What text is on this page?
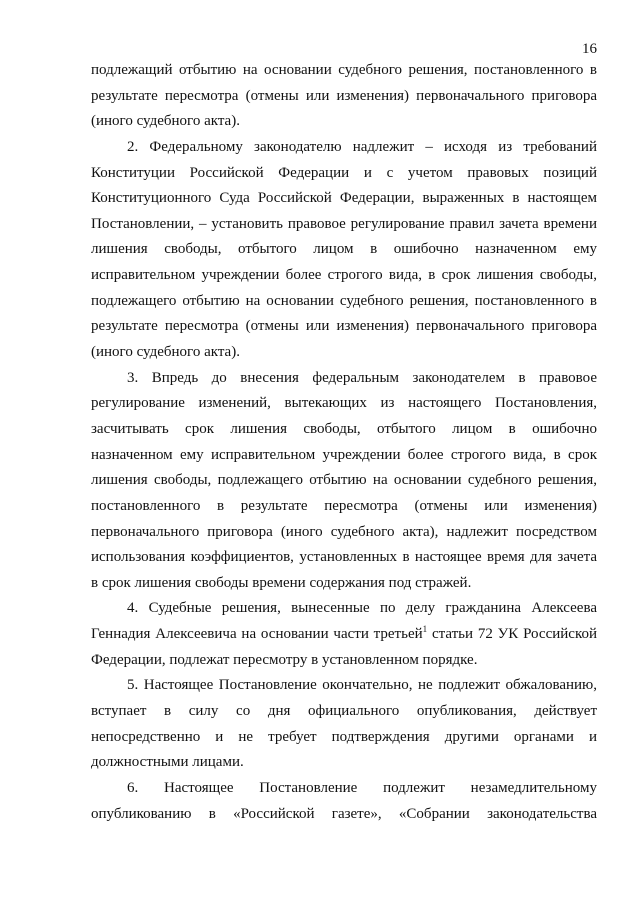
16
подлежащий отбытию на основании судебного решения, постановленного в
результате пересмотра (отмены или изменения) первоначального приговора
(иного судебного акта).
2. Федеральному законодателю надлежит – исходя из требований
Конституции Российской Федерации и с учетом правовых позиций
Конституционного Суда Российской Федерации, выраженных в настоящем
Постановлении, – установить правовое регулирование правил зачета времени
лишения свободы, отбытого лицом в ошибочно назначенном ему
исправительном учреждении более строгого вида, в срок лишения свободы,
подлежащего отбытию на основании судебного решения, постановленного в
результате пересмотра (отмены или изменения) первоначального приговора
(иного судебного акта).
3. Впредь до внесения федеральным законодателем в правовое
регулирование изменений, вытекающих из настоящего Постановления,
засчитывать срок лишения свободы, отбытого лицом в ошибочно
назначенном ему исправительном учреждении более строгого вида, в срок
лишения свободы, подлежащего отбытию на основании судебного решения,
постановленного в результате пересмотра (отмены или изменения)
первоначального приговора (иного судебного акта), надлежит посредством
использования коэффициентов, установленных в настоящее время для зачета
в срок лишения свободы времени содержания под стражей.
4. Судебные решения, вынесенные по делу гражданина Алексеева
Геннадия Алексеевича на основании части третьей$^1$ статьи 72 УК Российской
Федерации, подлежат пересмотру в установленном порядке.
5. Настоящее Постановление окончательно, не подлежит обжалованию,
вступает в силу со дня официального опубликования, действует
непосредственно и не требует подтверждения другими органами и
должностными лицами.
6. Настоящее Постановление подлежит незамедлительному
опубликованию в «Российской газете», «Собрании законодательства
